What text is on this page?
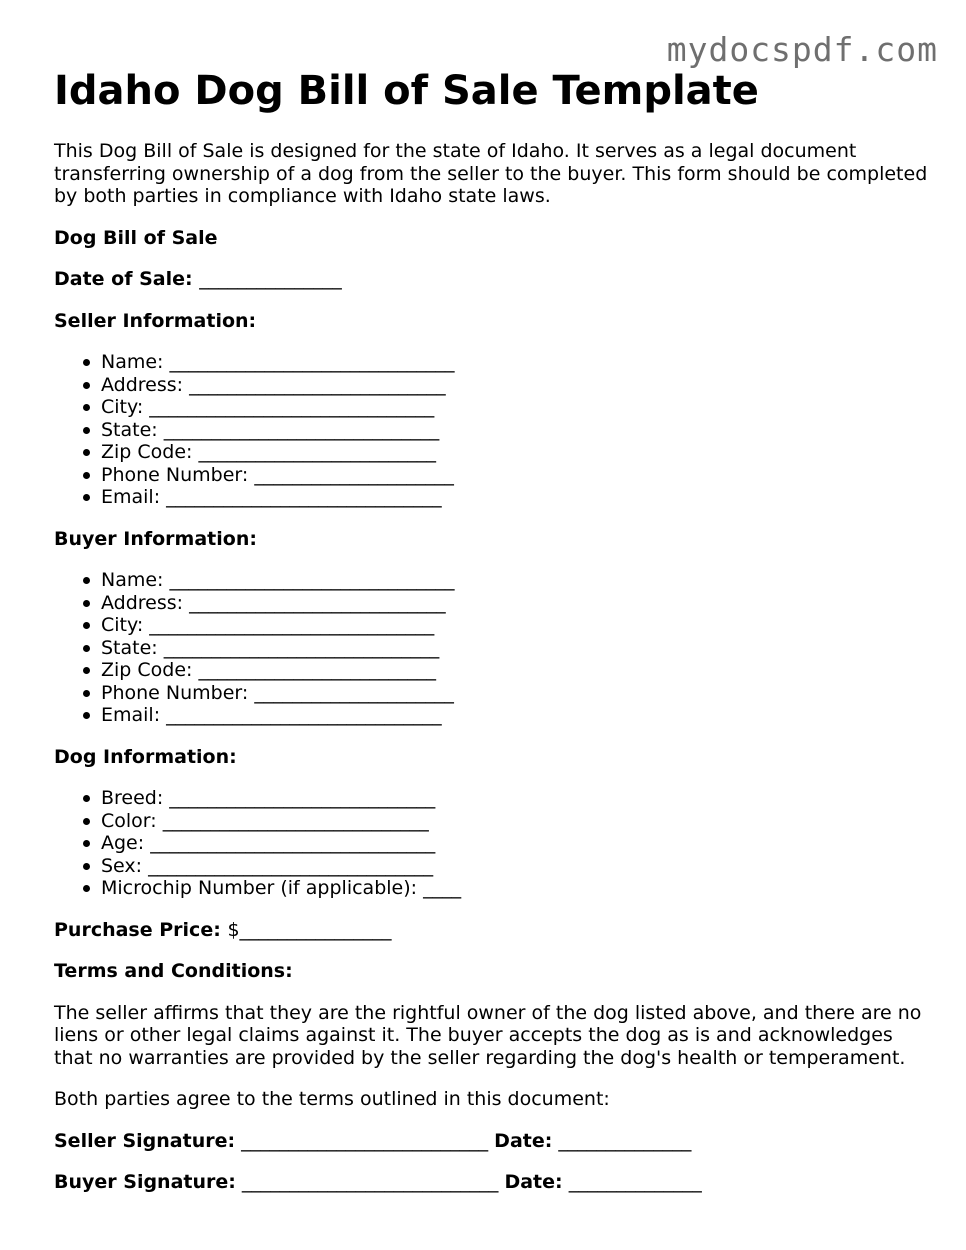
mydocspdf.com
Idaho Dog Bill of Sale Template

This Dog Bill of Sale is designed for the state of Idaho. It serves as a legal document transferring ownership of a dog from the seller to the buyer. This form should be completed by both parties in compliance with Idaho state laws.

Dog Bill of Sale
Date of Sale: _______________
Seller Information:
Name: ______________________________
Address: ___________________________
City: ______________________________
State: _____________________________
Zip Code: _________________________
Phone Number: _____________________
Email: _____________________________
Buyer Information:
Name: ______________________________
Address: ___________________________
City: ______________________________
State: _____________________________
Zip Code: _________________________
Phone Number: _____________________
Email: _____________________________
Dog Information:
Breed: ____________________________
Color: ____________________________
Age: ______________________________
Sex: ______________________________
Microchip Number (if applicable): ____
Purchase Price: $________________
Terms and Conditions:

The seller affirms that they are the rightful owner of the dog listed above, and there are no liens or other legal claims against it. The buyer accepts the dog as is and acknowledges that no warranties are provided by the seller regarding the dog's health or temperament.

Both parties agree to the terms outlined in this document:

Seller Signature: __________________________ Date: ______________
Buyer Signature: ___________________________ Date: ______________
